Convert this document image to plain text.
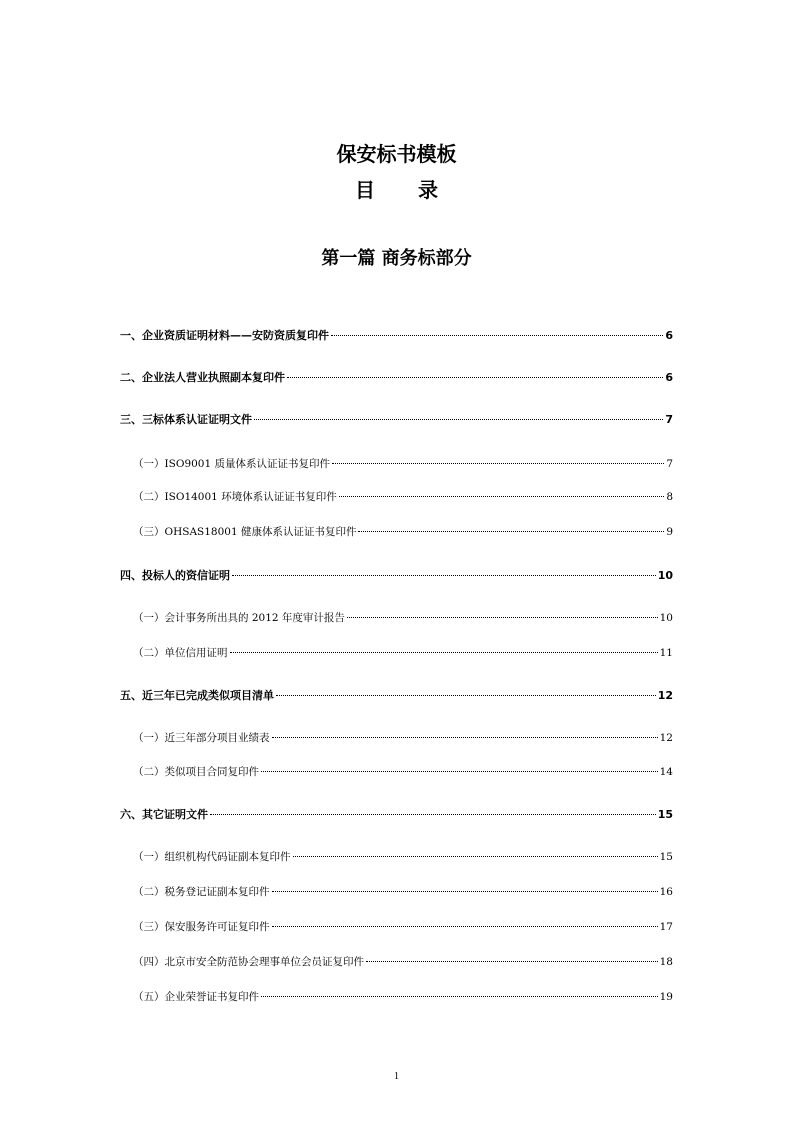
保安标书模板
目 录
第一篇 商务标部分
一、企业资质证明材料——安防资质复印件	6
二、企业法人营业执照副本复印件	6
三、三标体系认证证明文件	7
（一）ISO9001 质量体系认证证书复印件	7
（二）ISO14001 环境体系认证证书复印件	8
（三）OHSAS18001 健康体系认证证书复印件	9
四、投标人的资信证明	10
（一）会计事务所出具的 2012 年度审计报告	10
（二）单位信用证明	11
五、近三年已完成类似项目清单	12
（一）近三年部分项目业绩表	12
（二）类似项目合同复印件	14
六、其它证明文件	15
（一）组织机构代码证副本复印件	15
（二）税务登记证副本复印件	16
（三）保安服务许可证复印件	17
（四）北京市安全防范协会理事单位会员证复印件	18
（五）企业荣誉证书复印件	19
1
